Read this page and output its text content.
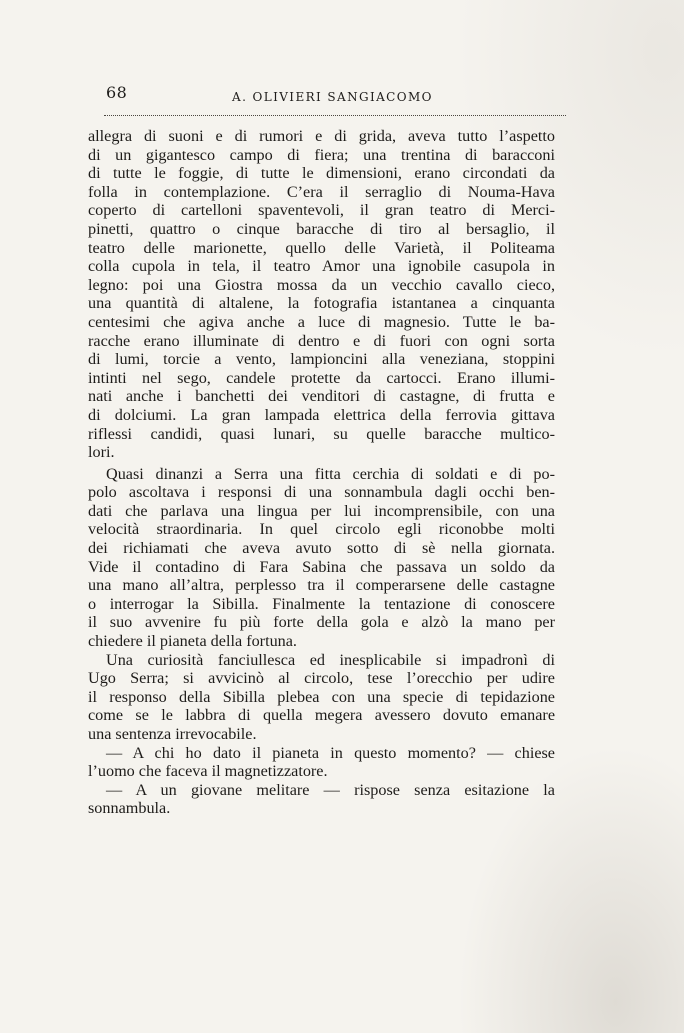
68	A. OLIVIERI SANGIACOMO
allegra di suoni e di rumori e di grida, aveva tutto l’aspetto
di un gigantesco campo di fiera; una trentina di baracconi
di tutte le foggie, di tutte le dimensioni, erano circondati da
folla in contemplazione. C’era il serraglio di Nouma-Hava
coperto di cartelloni spaventevoli, il gran teatro di Merci-
pinetti, quattro o cinque baracche di tiro al bersaglio, il
teatro delle marionette, quello delle Varietà, il Politeama
colla cupola in tela, il teatro Amor una ignobile casupola in
legno: poi una Giostra mossa da un vecchio cavallo cieco,
una quantità di altalene, la fotografia istantanea a cinquanta
centesimi che agiva anche a luce di magnesio. Tutte le ba-
racche erano illuminate di dentro e di fuori con ogni sorta
di lumi, torcie a vento, lampioncini alla veneziana, stoppini
intinti nel sego, candele protette da cartocci. Erano illumi-
nati anche i banchetti dei venditori di castagne, di frutta e
di dolciumi. La gran lampada elettrica della ferrovia gittava
riflessi candidi, quasi lunari, su quelle baracche multico-
lori.
Quasi dinanzi a Serra una fitta cerchia di soldati e di po-
polo ascoltava i responsi di una sonnambula dagli occhi ben-
dati che parlava una lingua per lui incomprensibile, con una
velocità straordinaria. In quel circolo egli riconobbe molti
dei richiamati che aveva avuto sotto di sè nella giornata.
Vide il contadino di Fara Sabina che passava un soldo da
una mano all’altra, perplesso tra il comperarsene delle castagne
o interrogar la Sibilla. Finalmente la tentazione di conoscere
il suo avvenire fu più forte della gola e alzò la mano per
chiedere il pianeta della fortuna.
Una curiosità fanciullesca ed inesplicabile si impadronì di
Ugo Serra; si avvicinò al circolo, tese l’orecchio per udire
il responso della Sibilla plebea con una specie di tepidazione
come se le labbra di quella megera avessero dovuto emanare
una sentenza irrevocabile.
— A chi ho dato il pianeta in questo momento? — chiese
l’uomo che faceva il magnetizzatore.
— A un giovane melitare — rispose senza esitazione la
sonnambula.
